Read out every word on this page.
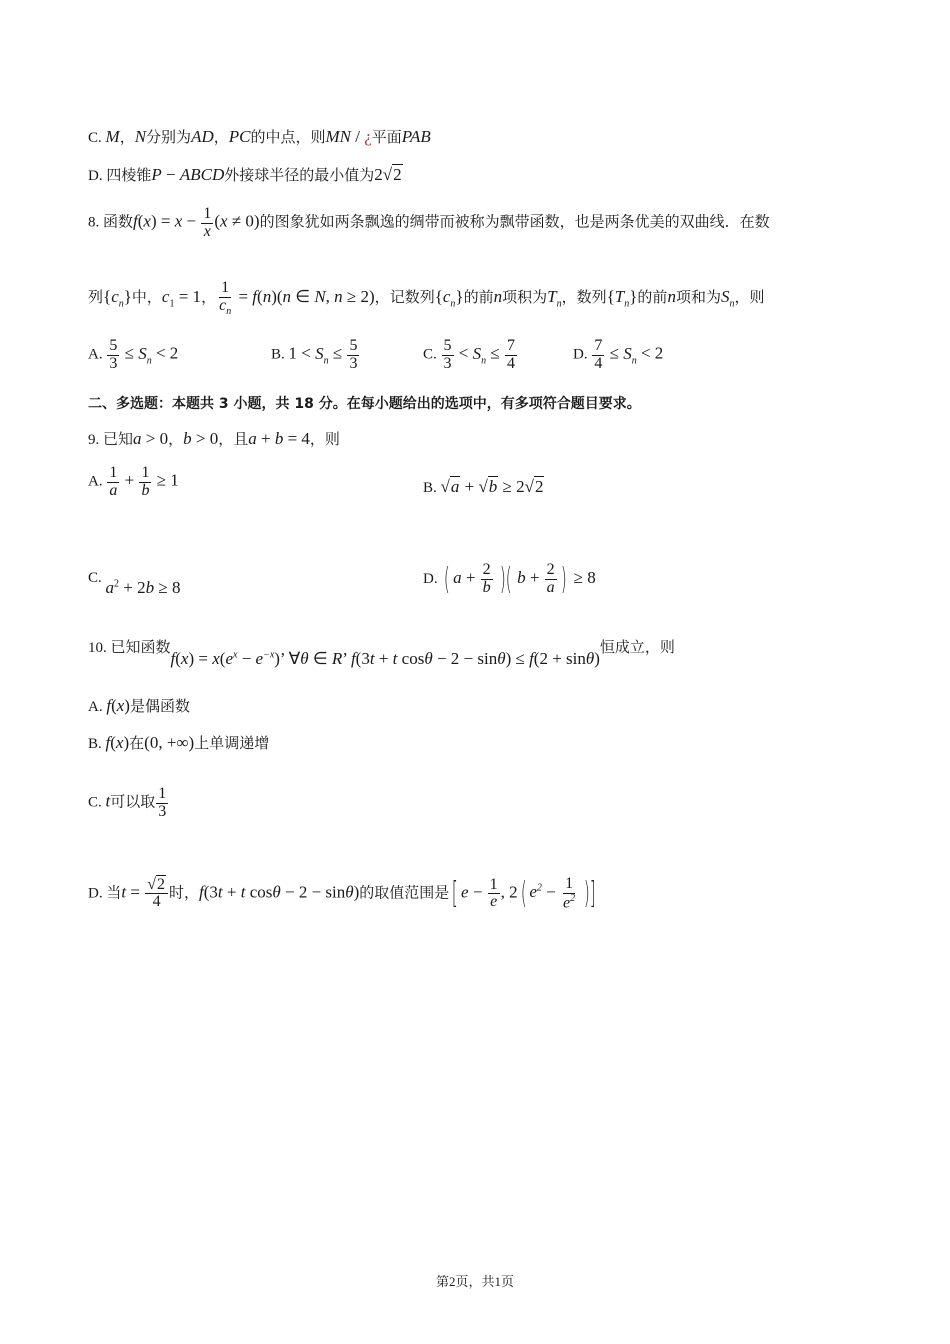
C. M，N分别为AD，PC的中点，则MN / ¿平面PAB
D. 四棱锥P − ABCD外接球半径的最小值为2√2
8. 函数$f(x) = x - \frac{1}{x} (x \ne 0)$的图象犹如两条飘逸的绸带而被称为飘带函数，也是两条优美的双曲线．在数
列$\{c_n\}$中，$c_1 = 1$， $\frac{1}{c_n} = f(n)(n$ ∈ N, n ≥ 2)，记数列$\{c_n\}$的前n项积为$T_n$，数列$\{T_n\}$的前n项和为$S_n$，则
A. $\frac{5}{3} \le S_n < 2$	B. $1 < S_n \le \frac{5}{3}$	C. $\frac{5}{3} < S_n \le \frac{7}{4}$	D. $\frac{7}{4} \le S_n < 2$
二、多选题：本题共 3 小题，共 18 分。在每小题给出的选项中，有多项符合题目要求。
9. 已知a > 0，b > 0，且a + b = 4，则
A. $\frac{1}{a} + \frac{1}{b} \ge 1$	B. √a + √b ≥ 2√2
C. $a^2 + 2b \ge 8$	D. ( $a + \frac{2}{b}$ )( $b + \frac{2}{a}$ ) ≥ 8
10. 已知函数$f(x) = x(e^x - e^{-x})$’ ∀θ ∈ R’ f(3t + t cosθ − 2 − sinθ) ≤ f(2 + sinθ)恒成立，则
A. f(x)是偶函数
B. f(x)在(0, +∞)上单调递增
C. t可以取 $\frac{1}{3}$
D. 当$t = \frac{√2}{4}$ 时，f(3t + t cosθ − 2 − sinθ)的取值范围是[ $e - \frac{1}{e}$ , 2( $e^2 - \frac{1}{e^2}$ )]
第2页，共1页
